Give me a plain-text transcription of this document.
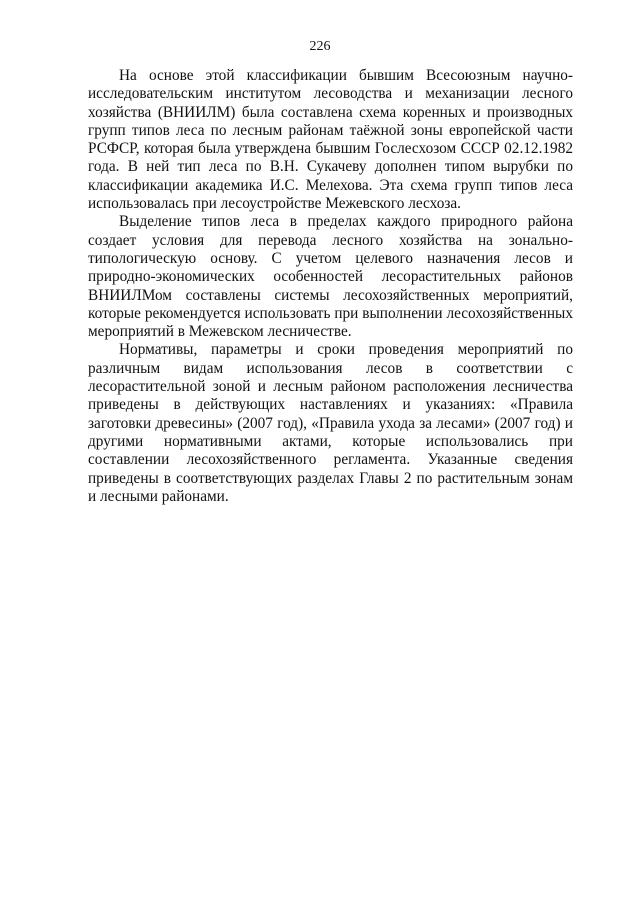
226

На основе этой классификации бывшим Всесоюзным научно-исследовательским институтом лесоводства и механизации лесного хозяйства (ВНИИЛМ) была составлена схема коренных и производных групп типов леса по лесным районам таёжной зоны европейской части РСФСР, которая была утверждена бывшим Гослесхозом СССР 02.12.1982 года. В ней тип леса по В.Н. Сукачеву дополнен типом вырубки по классификации академика И.С. Мелехова. Эта схема групп типов леса использовалась при лесоустройстве Межевского лесхоза.

Выделение типов леса в пределах каждого природного района создает условия для перевода лесного хозяйства на зонально-типологическую основу. С учетом целевого назначения лесов и природно-экономических особенностей лесорастительных районов ВНИИЛМом составлены системы лесохозяйственных мероприятий, которые рекомендуется использовать при выполнении лесохозяйственных мероприятий в Межевском лесничестве.

Нормативы, параметры и сроки проведения мероприятий по различным видам использования лесов в соответствии с лесорастительной зоной и лесным районом расположения лесничества приведены в действующих наставлениях и указаниях: «Правила заготовки древесины» (2007 год), «Правила ухода за лесами» (2007 год) и другими нормативными актами, которые использовались при составлении лесохозяйственного регламента. Указанные сведения приведены в соответствующих разделах Главы 2 по растительным зонам и лесными районами.
